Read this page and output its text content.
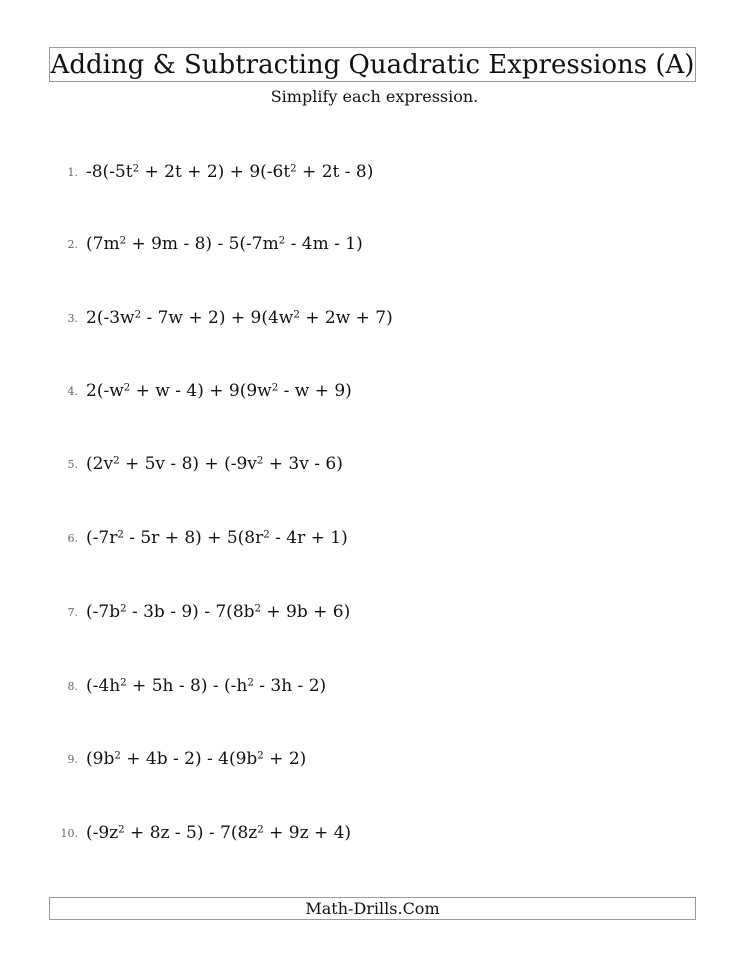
Adding & Subtracting Quadratic Expressions (A)
Simplify each expression.
1. $-8(-5t^2 + 2t + 2) + 9(-6t^2 + 2t - 8)$
2. $(7m^2 + 9m - 8) - 5(-7m^2 - 4m - 1)$
3. $2(-3w^2 - 7w + 2) + 9(4w^2 + 2w + 7)$
4. $2(-w^2 + w - 4) + 9(9w^2 - w + 9)$
5. $(2v^2 + 5v - 8) + (-9v^2 + 3v - 6)$
6. $(-7r^2 - 5r + 8) + 5(8r^2 - 4r + 1)$
7. $(-7b^2 - 3b - 9) - 7(8b^2 + 9b + 6)$
8. $(-4h^2 + 5h - 8) - (-h^2 - 3h - 2)$
9. $(9b^2 + 4b - 2) - 4(9b^2 + 2)$
10. $(-9z^2 + 8z - 5) - 7(8z^2 + 9z + 4)$
Math-Drills.Com
